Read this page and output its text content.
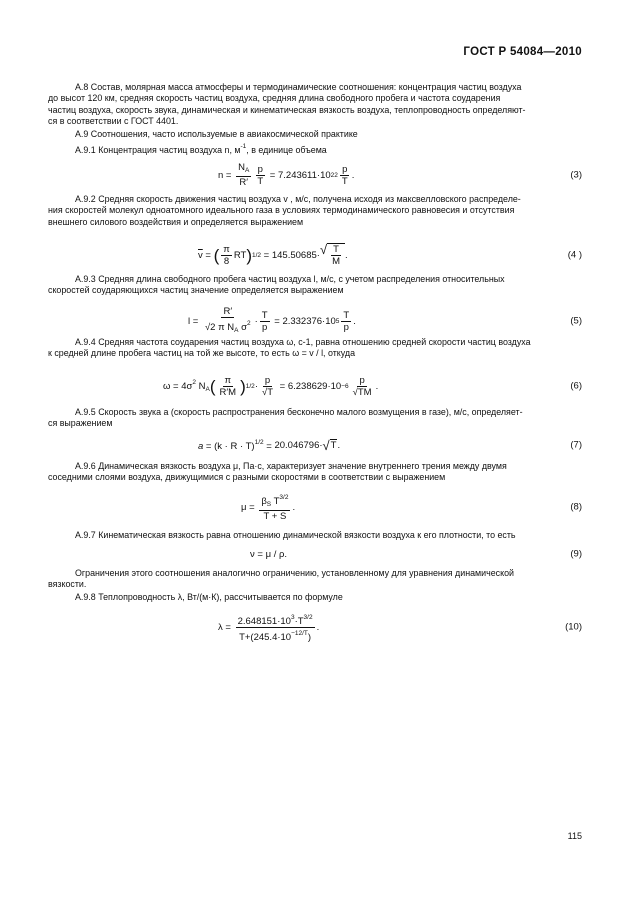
ГОСТ Р 54084—2010
А.8 Состав, молярная масса атмосферы и термодинамические соотношения: концентрация частиц воздуха
до высот 120 км, средняя скорость частиц воздуха, средняя длина свободного пробега и частота соударения
частиц воздуха, скорость звука, динамическая и кинематическая вязкость воздуха, теплопроводность определяют-
ся в соответствии с ГОСТ 4401.
А.9 Соотношения, часто используемые в авиакосмической практике
А.9.1 Концентрация частиц воздуха n, $м^{-1}$, в единице объема
$n = \frac{N_A}{R'} \frac{p}{T} = 7.243611\cdot 10$ $22 \frac{p}{T}$ .	(3)
А.9.2 Средняя скорость движения частиц воздуха v , м/с, получена исходя из максвелловского распределе-
ния скоростей молекул одноатомного идеального газа в условиях термодинамического равновесия и отсутствия
внешнего силового воздействия и определяется выражением
$\overline{v}$ = ( $\frac{\pi}{8}$ RT ) 1/2 = 145.50685· √ $\frac{T}{M}$ .	(4 )
А.9.3 Средняя длина свободного пробега частиц воздуха l, м/с, с учетом распределения относительных
скоростей соударяющихся частиц значение определяется выражением
$l = \frac{R'}{√2 \pi N_A \sigma^2} \cdot \frac{T}{p} = 2.332376\cdot 10$ $5 \frac{T}{p}$ .	(5)
А.9.4 Средняя частота соударения частиц воздуха ω, с-1, равна отношению средней скорости частиц воздуха
к средней длине пробега частиц на той же высоте, то есть ω = v / l, откуда
$\omega = 4\sigma^2$ $N_A$ ( $\frac{\pi}{R'M}$ ) $1/2 \cdot \frac{p}{√T} = 6.238629\cdot 10 -6 \frac{p}{√TM}$ .	(6)
А.9.5 Скорость звука a (скорость распространения бесконечно малого возмущения в газе), м/с, определяет-
ся выражением
$a = (k \cdot R \cdot T)^{1/2} = 20.046796\cdot$ √ T .	(7)
А.9.6 Динамическая вязкость воздуха μ, Па·с, характеризует значение внутреннего трения между двумя
соседними слоями воздуха, движущимися с разными скоростями в соответствии с выражением
$\mu = \frac{\beta_S T^{3/2}}{T + S}$ .	(8)
А.9.7 Кинематическая вязкость равна отношению динамической вязкости воздуха к его плотности, то есть
ν = μ / ρ.	(9)
Ограничения этого соотношения аналогично ограничению, установленному для уравнения динамической
вязкости.
А.9.8 Теплопроводность λ, Вт/(м·К), рассчитывается по формуле
$\lambda = \frac{2.648151\cdot 10^3\cdot T^{3/2}}{T+(245.4\cdot 10^{-12/T})}$ .	(10)
115
